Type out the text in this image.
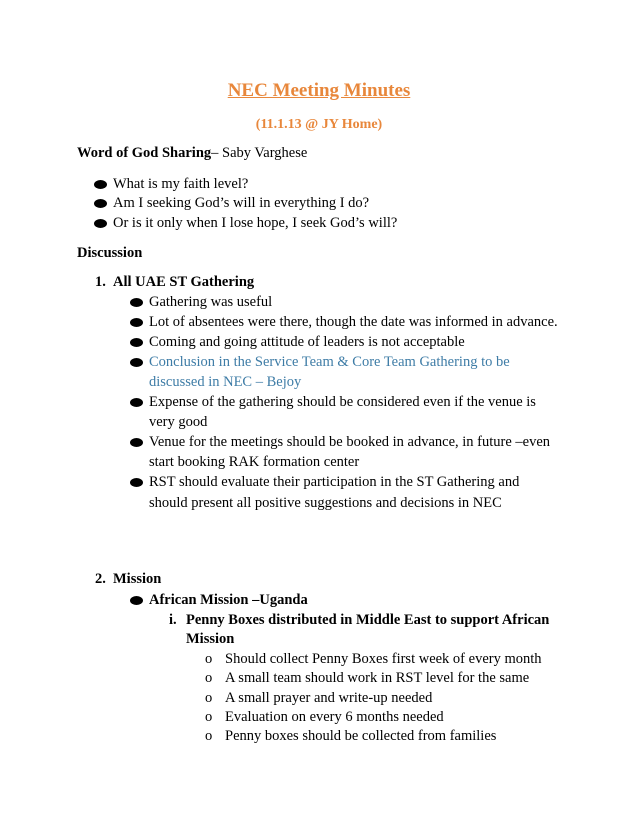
NEC Meeting Minutes
(11.1.13 @ JY Home)
Word of God Sharing– Saby Varghese
What is my faith level?
Am I seeking God’s will in everything I do?
Or is it only when I lose hope, I seek God’s will?
Discussion
1. All UAE ST Gathering
Gathering was useful
Lot of absentees were there, though the date was informed in advance.
Coming and going attitude of leaders is not acceptable
Conclusion in the Service Team & Core Team Gathering to be
discussed in NEC – Bejoy
Expense of the gathering should be considered even if the venue is
very good
Venue for the meetings should be booked in advance, in future –even
start booking RAK formation center
RST should evaluate their participation in the ST Gathering and
should present all positive suggestions and decisions in NEC
2. Mission
African Mission –Uganda
i. Penny Boxes distributed in Middle East to support African
Mission
o Should collect Penny Boxes first week of every month
o A small team should work in RST level for the same
o A small prayer and write-up needed
o Evaluation on every 6 months needed
o Penny boxes should be collected from families
